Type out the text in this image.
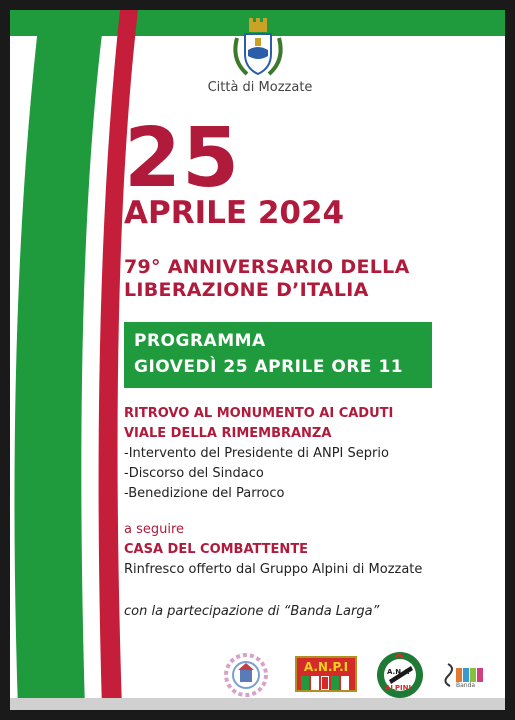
Città di Mozzate
25
APRILE 2024
79° ANNIVERSARIO DELLA
LIBERAZIONE D’ITALIA
PROGRAMMA
GIOVEDÌ 25 APRILE ORE 11
RITROVO AL MONUMENTO AI CADUTI
VIALE DELLA RIMEMBRANZA
-Intervento del Presidente di ANPI Seprio
-Discorso del Sindaco
-Benedizione del Parroco
a seguire
CASA DEL COMBATTENTE
Rinfresco offerto dal Gruppo Alpini di Mozzate
con la partecipazione di “Banda Larga”
A.N.P.I	A.N.A
ALPINI	Banda
